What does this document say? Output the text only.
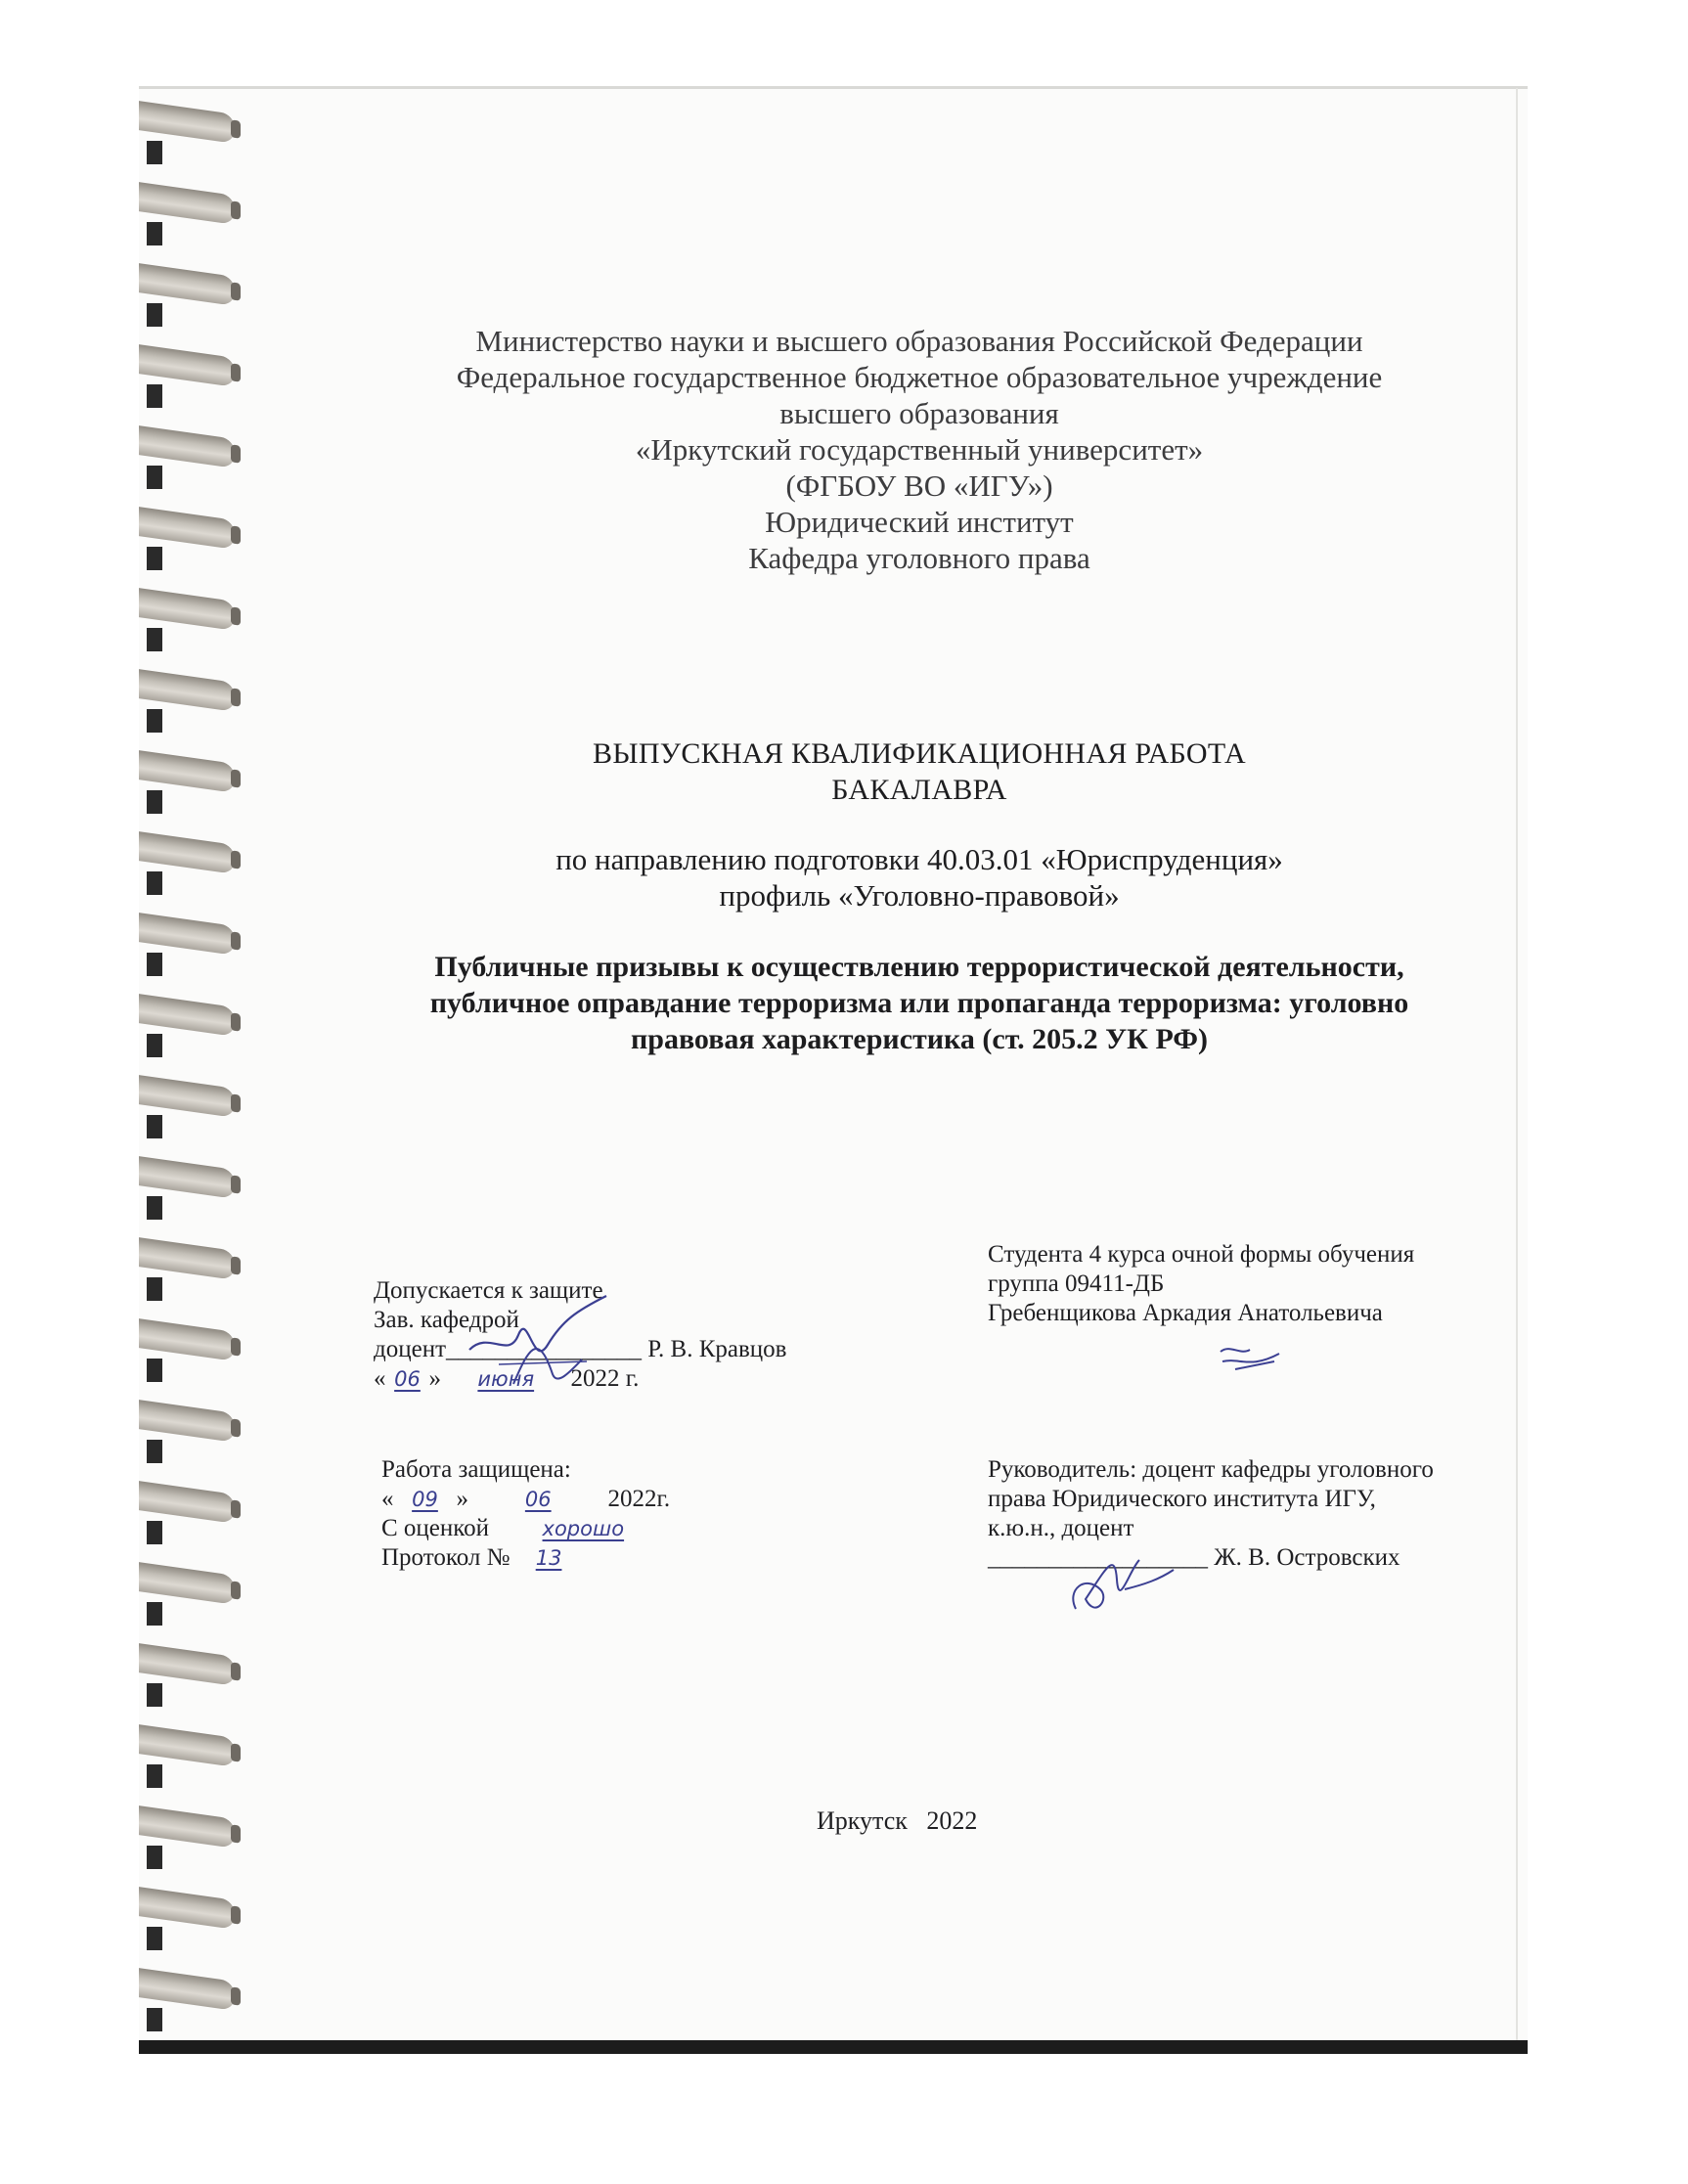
Министерство науки и высшего образования Российской Федерации
Федеральное государственное бюджетное образовательное учреждение
высшего образования
«Иркутский государственный университет»
(ФГБОУ ВО «ИГУ»)
Юридический институт
Кафедра уголовного права
ВЫПУСКНАЯ КВАЛИФИКАЦИОННАЯ РАБОТА
БАКАЛАВРА
по направлению подготовки 40.03.01 «Юриспруденция»
профиль «Уголовно-правовой»
Публичные призывы к осуществлению террористической деятельности,
публичное оправдание терроризма или пропаганда терроризма: уголовно
правовая характеристика (ст. 205.2 УК РФ)
Допускается к защите
Зав. кафедрой
доцент________________ Р. В. Кравцов
« 06 » июня 2022 г.
Студента 4 курса очной формы обучения
группа 09411-ДБ
Гребенщикова Аркадия Анатольевича
Работа защищена:
« 09 »	06 2022г.
С оценкой	хорошо
Протокол № 13
Руководитель: доцент кафедры уголовного
права Юридического института ИГУ,
к.ю.н., доцент
__________________ Ж. В. Островских
Иркутск 2022
